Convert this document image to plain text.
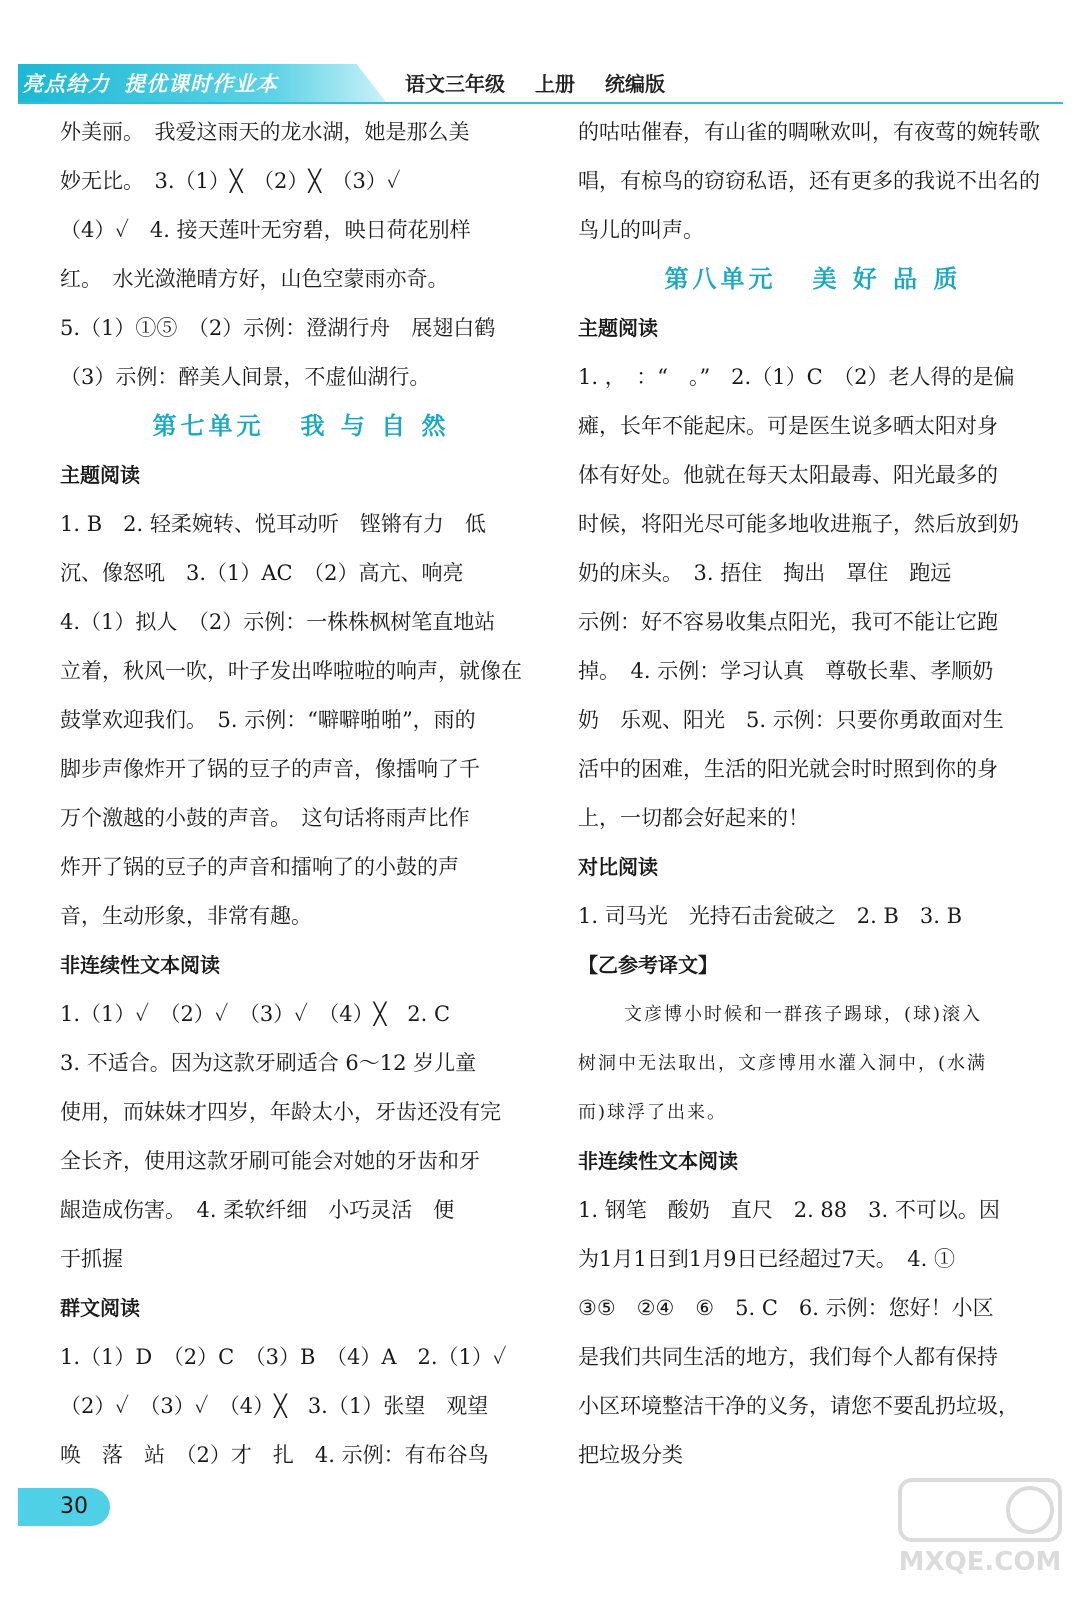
亮点给力 提优课时作业本	语文三年级 上册 统编版

外美丽。　我爱这雨天的龙水湖，她是那么美

妙无比。　3.（1）╳　（2）╳　（3）✓

（4）✓　4. 接天莲叶无穷碧，映日荷花别样

红。　水光潋滟晴方好，山色空蒙雨亦奇。

5.（1）①⑤　（2）示例：澄湖行舟　展翅白鹤

（3）示例：醉美人间景，不虚仙湖行。

第七单元 我 与 自 然

主题阅读

1. B　2. 轻柔婉转、悦耳动听　铿锵有力　低

沉、像怒吼　3.（1）AC　（2）高亢、响亮

4.（1）拟人　（2）示例：一株株枫树笔直地站

立着，秋风一吹，叶子发出哗啦啦的响声，就像在

鼓掌欢迎我们。　5. 示例：“噼噼啪啪”，雨的

脚步声像炸开了锅的豆子的声音，像擂响了千

万个激越的小鼓的声音。　这句话将雨声比作

炸开了锅的豆子的声音和擂响了的小鼓的声

音，生动形象，非常有趣。

非连续性文本阅读

1.（1）✓　（2）✓　（3）✓　（4）╳　2. C

3. 不适合。因为这款牙刷适合 6～12 岁儿童

使用，而妹妹才四岁，年龄太小，牙齿还没有完

全长齐，使用这款牙刷可能会对她的牙齿和牙

龈造成伤害。　4. 柔软纤细　小巧灵活　便

于抓握

群文阅读

1.（1）D　（2）C　（3）B　（4）A　2.（1）✓

（2）✓　（3）✓　（4）╳　3.（1）张望　观望

唤　落　站　（2）才　扎　4. 示例：有布谷鸟

的咕咕催春，有山雀的啁啾欢叫，有夜莺的婉转歌

唱，有椋鸟的窃窃私语，还有更多的我说不出名的

鸟儿的叫声。

第八单元 美 好 品 质

主题阅读

1. ，　：“　。”　2.（1）C　（2）老人得的是偏

瘫，长年不能起床。可是医生说多晒太阳对身

体有好处。他就在每天太阳最毒、阳光最多的

时候，将阳光尽可能多地收进瓶子，然后放到奶

奶的床头。　3. 捂住　掏出　罩住　跑远

示例：好不容易收集点阳光，我可不能让它跑

掉。　4. 示例：学习认真　尊敬长辈、孝顺奶

奶　乐观、阳光　5. 示例：只要你勇敢面对生

活中的困难，生活的阳光就会时时照到你的身

上，一切都会好起来的！

对比阅读

1. 司马光　光持石击瓮破之　2. B　3. B

【乙参考译文】

文彦博小时候和一群孩子踢球，(球)滚入

树洞中无法取出，文彦博用水灌入洞中，(水满

而)球浮了出来。

非连续性文本阅读

1. 钢笔　酸奶　直尺　2. 88　3. 不可以。因

为1月1日到1月9日已经超过7天。　4. ①

③⑤　②④　⑥　5. C　6. 示例：您好！小区

是我们共同生活的地方，我们每个人都有保持

小区环境整洁干净的义务，请您不要乱扔垃圾，

把垃圾分类

30
MXQE.COM
